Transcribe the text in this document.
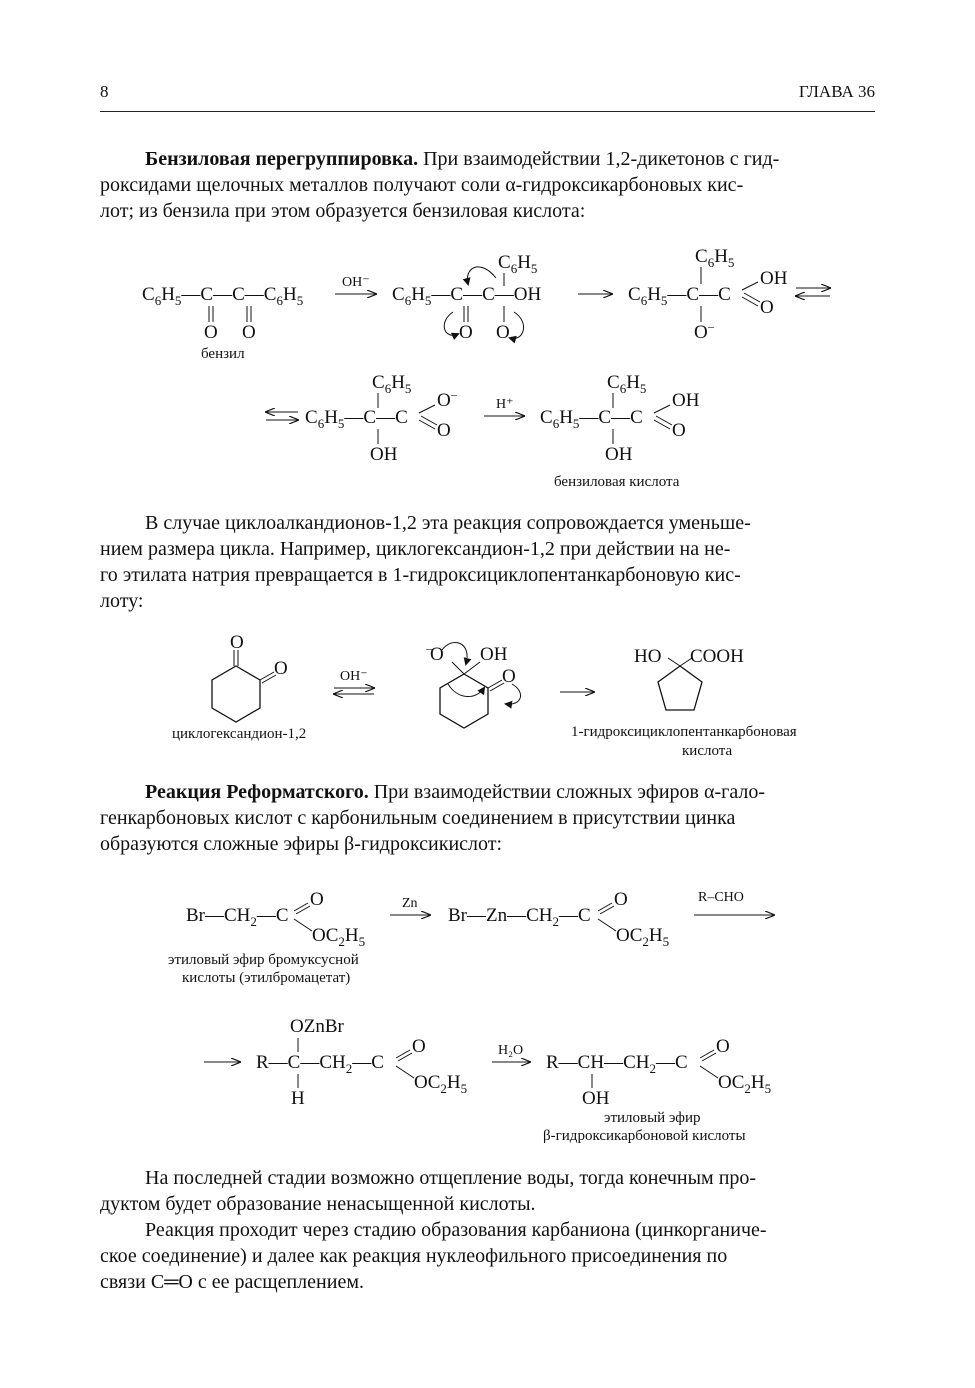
8	ГЛАВА 36
Бензиловая перегруппировка. При взаимодействии 1,2-дикетонов с гид-
роксидами щелочных металлов получают соли α-гидроксикарбоновых кис-
лот; из бензила при этом образуется бензиловая кислота:
$C_6H_5—C—C—C_6H_5$
O O
OH⁻
$C_6H_5$
$C_6H_5—C—C—OH$
O O –
$C_6H_5$
$C_6H_5—C—C$
OH
O
O –
бензил
$C_6H_5$
$C_6H_5—C—C$
O –
O
OH
H⁺
$C_6H_5$
$C_6H_5—C—C$
OH
O
OH
бензиловая кислота
В случае циклоалкандионов-1,2 эта реакция сопровождается уменьше-
нием размера цикла. Например, циклогександион-1,2 при действии на не-
го этилата натрия превращается в 1-гидроксициклопентанкарбоновую кис-
лоту:
O
O	OH⁻
O
–	OH
O
HO COOH
циклогександион-1,2	1-гидроксициклопентанкарбоновая
кислота
Реакция Реформатского. При взаимодействии сложных эфиров α-гало-
генкарбоновых кислот с карбонильным соединением в присутствии цинка
образуются сложные эфиры β-гидроксикислот:
$Br—CH_2—C$
O
$OC_2H_5$
Zn
$Br—Zn—CH_2—C$
O
$OC_2H_5$
R–CHO
этиловый эфир бромуксусной
кислоты (этилбромацетат)
OZnBr
$R—C—CH_2—C$
O
$OC_2H_5$
H
H₂O
$R—CH—CH_2—C$
O
$OC_2H_5$
OH
этиловый эфир
β-гидроксикарбоновой кислоты
На последней стадии возможно отщепление воды, тогда конечным про-
дуктом будет образование ненасыщенной кислоты.
Реакция проходит через стадию образования карбаниона (цинкорганиче-
ское соединение) и далее как реакция нуклеофильного присоединения по
связи C═O с ее расщеплением.
